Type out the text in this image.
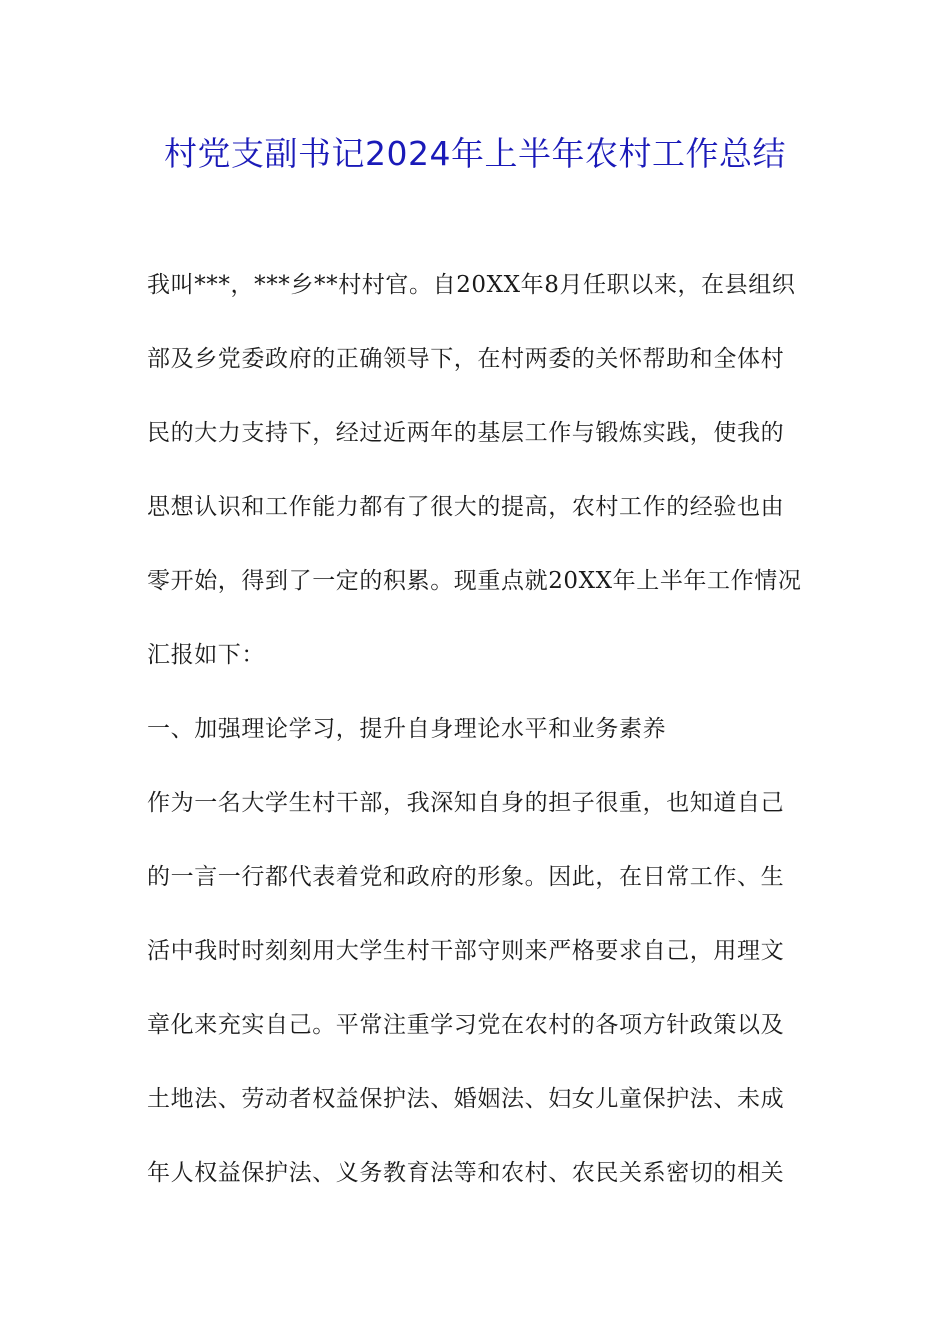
村党支副书记2024年上半年农村工作总结
我叫***，***乡**村村官。自20XX年8月任职以来，在县组织
部及乡党委政府的正确领导下，在村两委的关怀帮助和全体村
民的大力支持下，经过近两年的基层工作与锻炼实践，使我的
思想认识和工作能力都有了很大的提高，农村工作的经验也由
零开始，得到了一定的积累。现重点就20XX年上半年工作情况
汇报如下：
一、加强理论学习，提升自身理论水平和业务素养
作为一名大学生村干部，我深知自身的担子很重，也知道自己
的一言一行都代表着党和政府的形象。因此，在日常工作、生
活中我时时刻刻用大学生村干部守则来严格要求自己，用理文
章化来充实自己。平常注重学习党在农村的各项方针政策以及
土地法、劳动者权益保护法、婚姻法、妇女儿童保护法、未成
年人权益保护法、义务教育法等和农村、农民关系密切的相关
